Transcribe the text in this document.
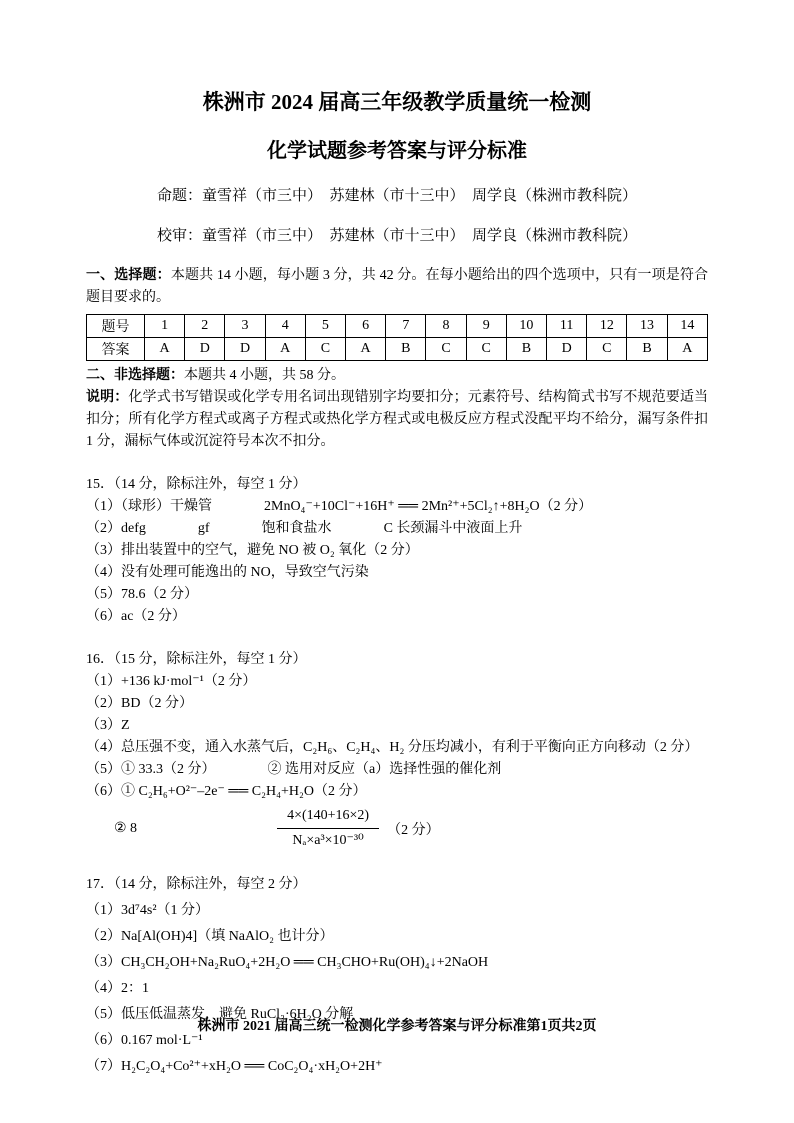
株洲市 2024 届高三年级教学质量统一检测
化学试题参考答案与评分标准

命题：童雪祥（市三中）　苏建林（市十三中）　周学良（株洲市教科院）

校审：童雪祥（市三中）　苏建林（市十三中）　周学良（株洲市教科院）

一、选择题：本题共 14 小题，每小题 3 分，共 42 分。在每小题给出的四个选项中，只有一项是符合题目要求的。

题号	1	2	3	4	5	6	7	8	9	10	11	12	13	14
答案	A	D	D	A	C	A	B	C	C	B	D	C	B	A

二、非选择题：本题共 4 小题，共 58 分。

说明：化学式书写错误或化学专用名词出现错别字均要扣分；元素符号、结构简式书写不规范要适当扣分；所有化学方程式或离子方程式或热化学方程式或电极反应方程式没配平均不给分，漏写条件扣 1 分，漏标气体或沉淀符号本次不扣分。

15．（14 分，除标注外，每空 1 分）

（1）（球形）干燥管	2MnO₄⁻+10Cl⁻+16H⁺ ══ 2Mn²⁺+5Cl₂↑+8H₂O（2 分）

（2）defg	gf	饱和食盐水	C 长颈漏斗中液面上升

（3）排出装置中的空气，避免 NO 被 O₂ 氧化（2 分）

（4）没有处理可能逸出的 NO，导致空气污染

（5）78.6（2 分）

（6）ac（2 分）

16．（15 分，除标注外，每空 1 分）

（1）+136 kJ·mol⁻¹（2 分）

（2）BD（2 分）

（3）Z

（4）总压强不变，通入水蒸气后，C₂H₆、C₂H₄、H₂ 分压均减小，有利于平衡向正方向移动（2 分）

（5）① 33.3（2 分）	② 选用对反应（a）选择性强的催化剂

（6）① C₂H₆+O²⁻–2e⁻ ══ C₂H₄+H₂O（2 分）

② 8	$\frac{4\times(140+16\times 2)}{\text{Nₐ×a³×10⁻³⁰}} (2$ 分）

17．（14 分，除标注外，每空 2 分）

（1）3d⁷4s²（1 分）

（2）Na[Al(OH)4]（填 NaAlO₂ 也计分）

（3）CH₃CH₂OH+Na₂RuO₄+2H₂O ══ CH₃CHO+Ru(OH)₄↓+2NaOH

（4）2：1

（5）低压低温蒸发，避免 RuCl₃·6H₂O 分解

（6）0.167 mol·L⁻¹

（7）H₂C₂O₄+Co²⁺+xH₂O ══ CoC₂O₄·xH₂O+2H⁺

株洲市 2021 届高三统一检测化学参考答案与评分标准第1页共2页
